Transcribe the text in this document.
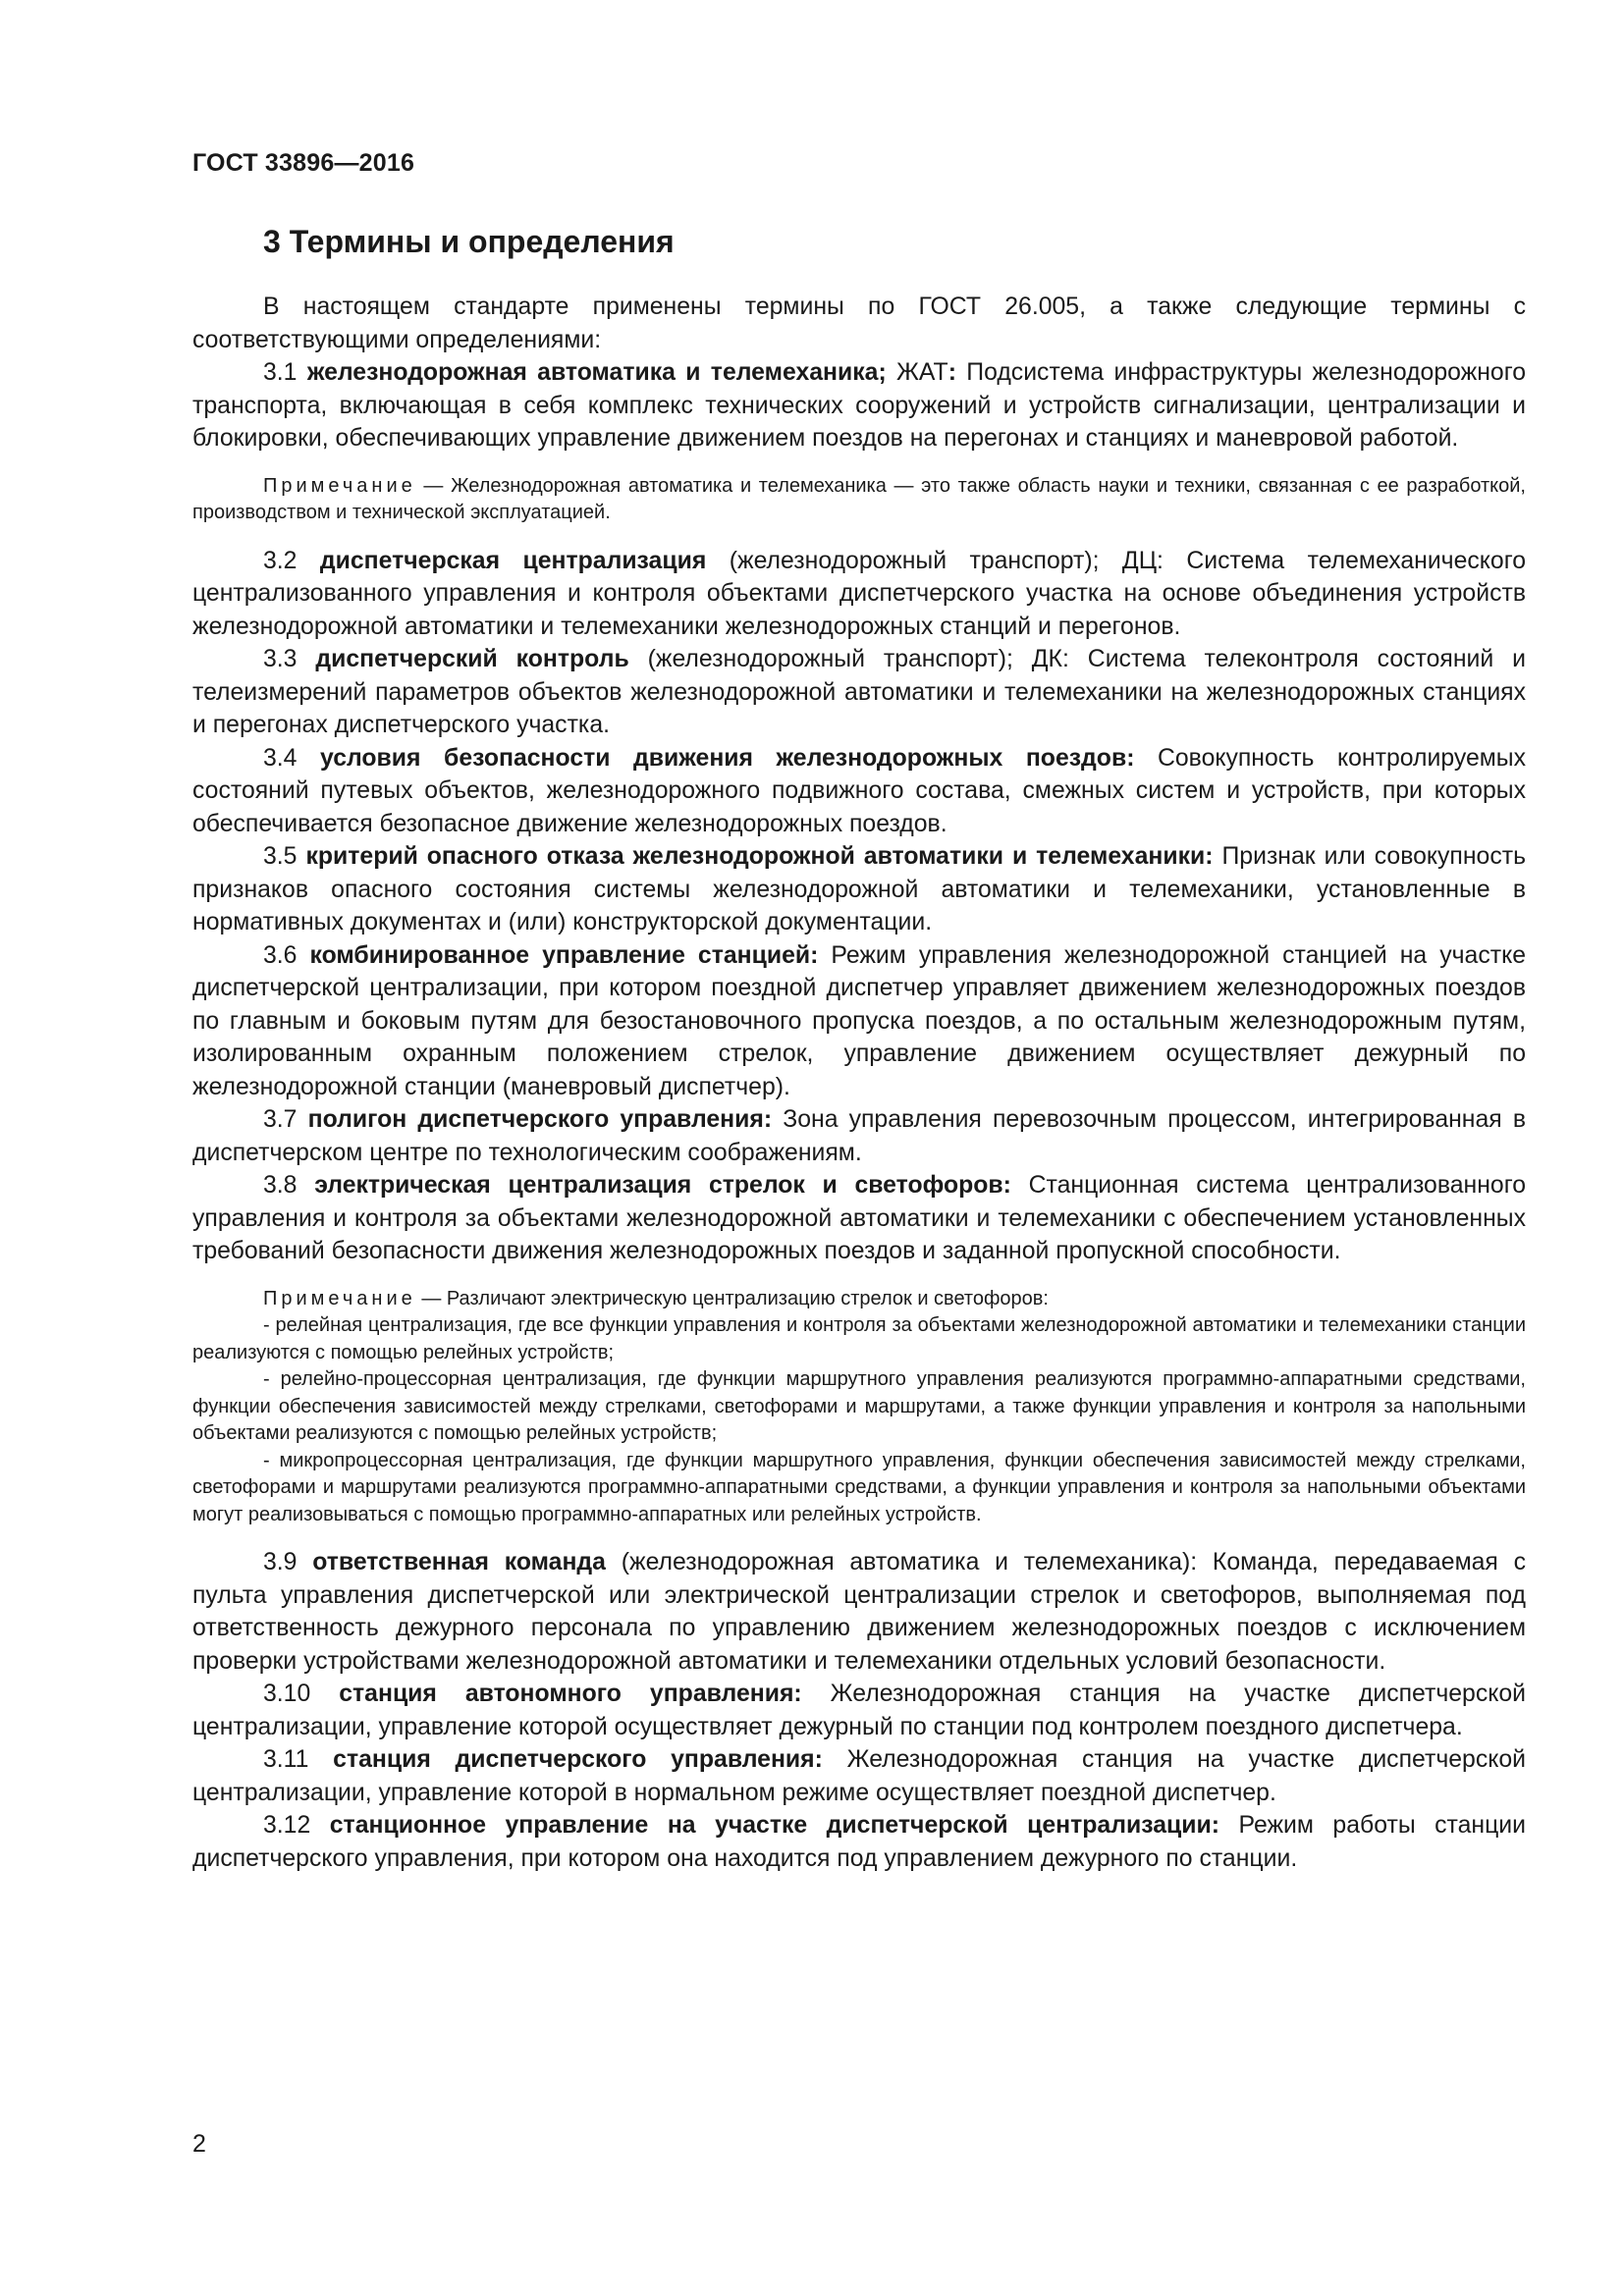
ГОСТ 33896—2016
3 Термины и определения

В настоящем стандарте применены термины по ГОСТ 26.005, а также следующие термины с соответствующими определениями:

3.1 железнодорожная автоматика и телемеханика; ЖАТ: Подсистема инфраструктуры железнодорожного транспорта, включающая в себя комплекс технических сооружений и устройств сигнализации, централизации и блокировки, обеспечивающих управление движением поездов на перегонах и станциях и маневровой работой.

Примечание — Железнодорожная автоматика и телемеханика — это также область науки и техники, связанная с ее разработкой, производством и технической эксплуатацией.

3.2 диспетчерская централизация (железнодорожный транспорт); ДЦ: Система телемеханического централизованного управления и контроля объектами диспетчерского участка на основе объединения устройств железнодорожной автоматики и телемеханики железнодорожных станций и перегонов.

3.3 диспетчерский контроль (железнодорожный транспорт); ДК: Система телеконтроля состояний и телеизмерений параметров объектов железнодорожной автоматики и телемеханики на железнодорожных станциях и перегонах диспетчерского участка.

3.4 условия безопасности движения железнодорожных поездов: Совокупность контролируемых состояний путевых объектов, железнодорожного подвижного состава, смежных систем и устройств, при которых обеспечивается безопасное движение железнодорожных поездов.

3.5 критерий опасного отказа железнодорожной автоматики и телемеханики: Признак или совокупность признаков опасного состояния системы железнодорожной автоматики и телемеханики, установленные в нормативных документах и (или) конструкторской документации.

3.6 комбинированное управление станцией: Режим управления железнодорожной станцией на участке диспетчерской централизации, при котором поездной диспетчер управляет движением железнодорожных поездов по главным и боковым путям для безостановочного пропуска поездов, а по остальным железнодорожным путям, изолированным охранным положением стрелок, управление движением осуществляет дежурный по железнодорожной станции (маневровый диспетчер).

3.7 полигон диспетчерского управления: Зона управления перевозочным процессом, интегрированная в диспетчерском центре по технологическим соображениям.

3.8 электрическая централизация стрелок и светофоров: Станционная система централизованного управления и контроля за объектами железнодорожной автоматики и телемеханики с обеспечением установленных требований безопасности движения железнодорожных поездов и заданной пропускной способности.

Примечание — Различают электрическую централизацию стрелок и светофоров:

- релейная централизация, где все функции управления и контроля за объектами железнодорожной автоматики и телемеханики станции реализуются с помощью релейных устройств;

- релейно-процессорная централизация, где функции маршрутного управления реализуются программно-аппаратными средствами, функции обеспечения зависимостей между стрелками, светофорами и маршрутами, а также функции управления и контроля за напольными объектами реализуются с помощью релейных устройств;

- микропроцессорная централизация, где функции маршрутного управления, функции обеспечения зависимостей между стрелками, светофорами и маршрутами реализуются программно-аппаратными средствами, а функции управления и контроля за напольными объектами могут реализовываться с помощью программно-аппаратных или релейных устройств.

3.9 ответственная команда (железнодорожная автоматика и телемеханика): Команда, передаваемая с пульта управления диспетчерской или электрической централизации стрелок и светофоров, выполняемая под ответственность дежурного персонала по управлению движением железнодорожных поездов с исключением проверки устройствами железнодорожной автоматики и телемеханики отдельных условий безопасности.

3.10 станция автономного управления: Железнодорожная станция на участке диспетчерской централизации, управление которой осуществляет дежурный по станции под контролем поездного диспетчера.

3.11 станция диспетчерского управления: Железнодорожная станция на участке диспетчерской централизации, управление которой в нормальном режиме осуществляет поездной диспетчер.

3.12 станционное управление на участке диспетчерской централизации: Режим работы станции диспетчерского управления, при котором она находится под управлением дежурного по станции.

2
